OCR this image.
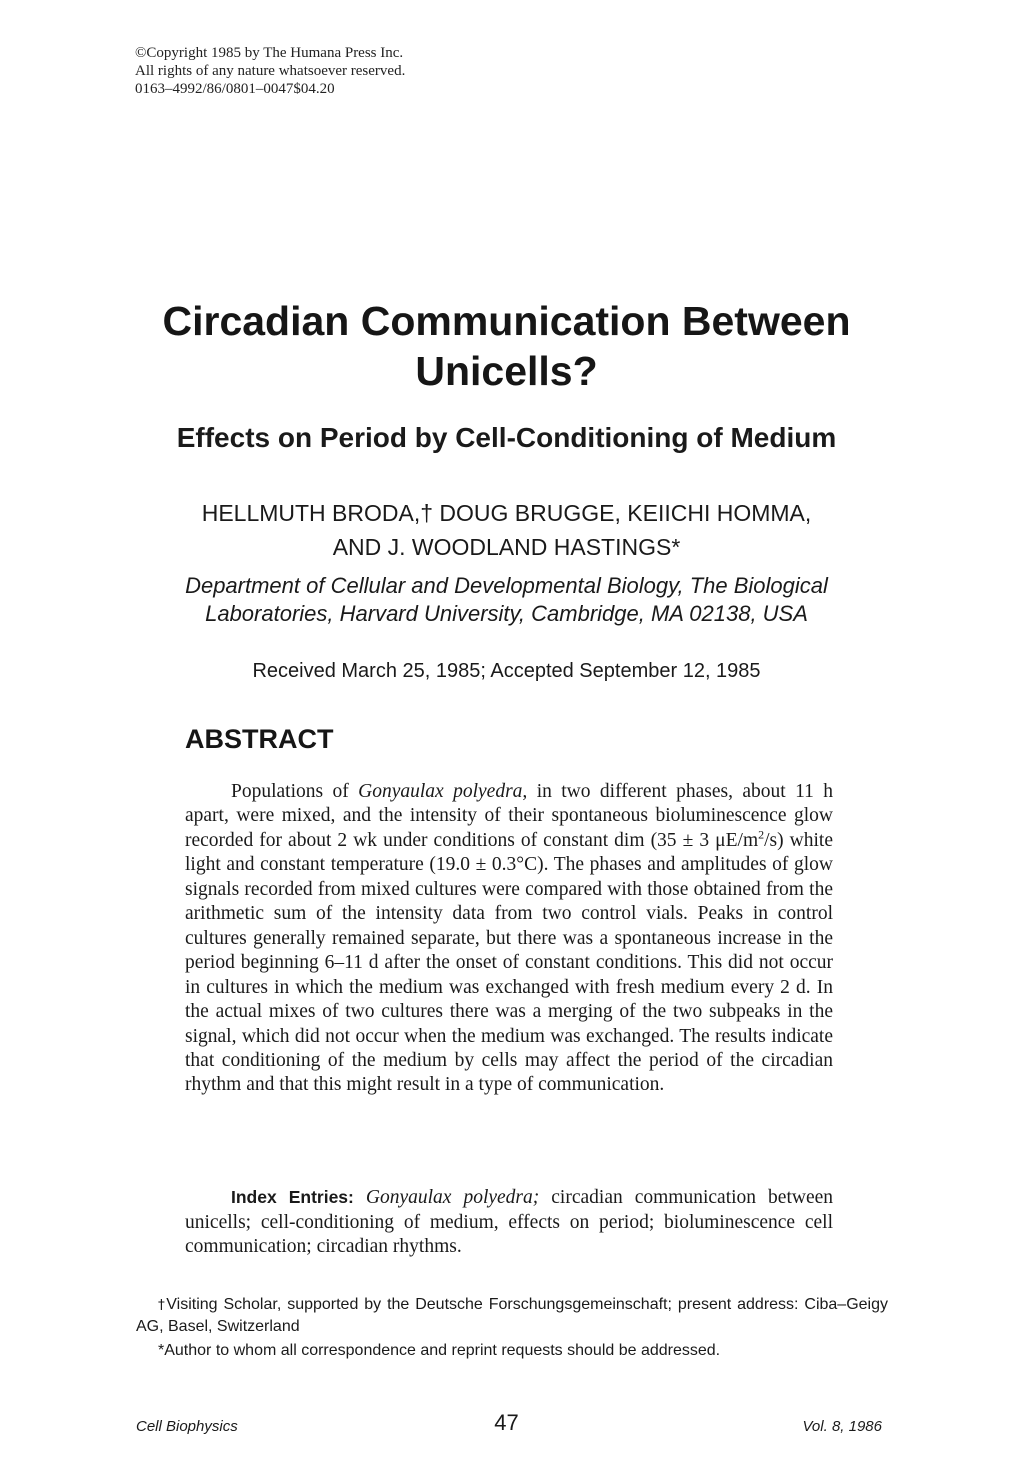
©Copyright 1985 by The Humana Press Inc.
All rights of any nature whatsoever reserved.
0163–4992/86/0801–0047$04.20
Circadian Communication Between
Unicells?
Effects on Period by Cell-Conditioning of Medium
HELLMUTH BRODA,† DOUG BRUGGE, KEIICHI HOMMA,
AND J. WOODLAND HASTINGS*
Department of Cellular and Developmental Biology, The Biological
Laboratories, Harvard University, Cambridge, MA 02138, USA
Received March 25, 1985; Accepted September 12, 1985
ABSTRACT

Populations of Gonyaulax polyedra, in two different phases, about 11 h apart, were mixed, and the intensity of their spontaneous bioluminescence glow recorded for about 2 wk under conditions of constant dim (35 ± 3 $\mu E/m^2/s$) white light and constant temperature (19.0 ± 0.3°C). The phases and amplitudes of glow signals recorded from mixed cultures were compared with those obtained from the arithmetic sum of the intensity data from two control vials. Peaks in control cultures generally remained separate, but there was a spontaneous increase in the period beginning 6–11 d after the onset of constant conditions. This did not occur in cultures in which the medium was exchanged with fresh medium every 2 d. In the actual mixes of two cultures there was a merging of the two subpeaks in the signal, which did not occur when the medium was exchanged. The results indicate that conditioning of the medium by cells may affect the period of the circadian rhythm and that this might result in a type of communication.

Index Entries: Gonyaulax polyedra; circadian communication between unicells; cell-conditioning of medium, effects on period; bioluminescence cell communication; circadian rhythms.

†Visiting Scholar, supported by the Deutsche Forschungsgemeinschaft; present address: Ciba–Geigy AG, Basel, Switzerland
*Author to whom all correspondence and reprint requests should be addressed.
Cell Biophysics	47	Vol. 8, 1986
